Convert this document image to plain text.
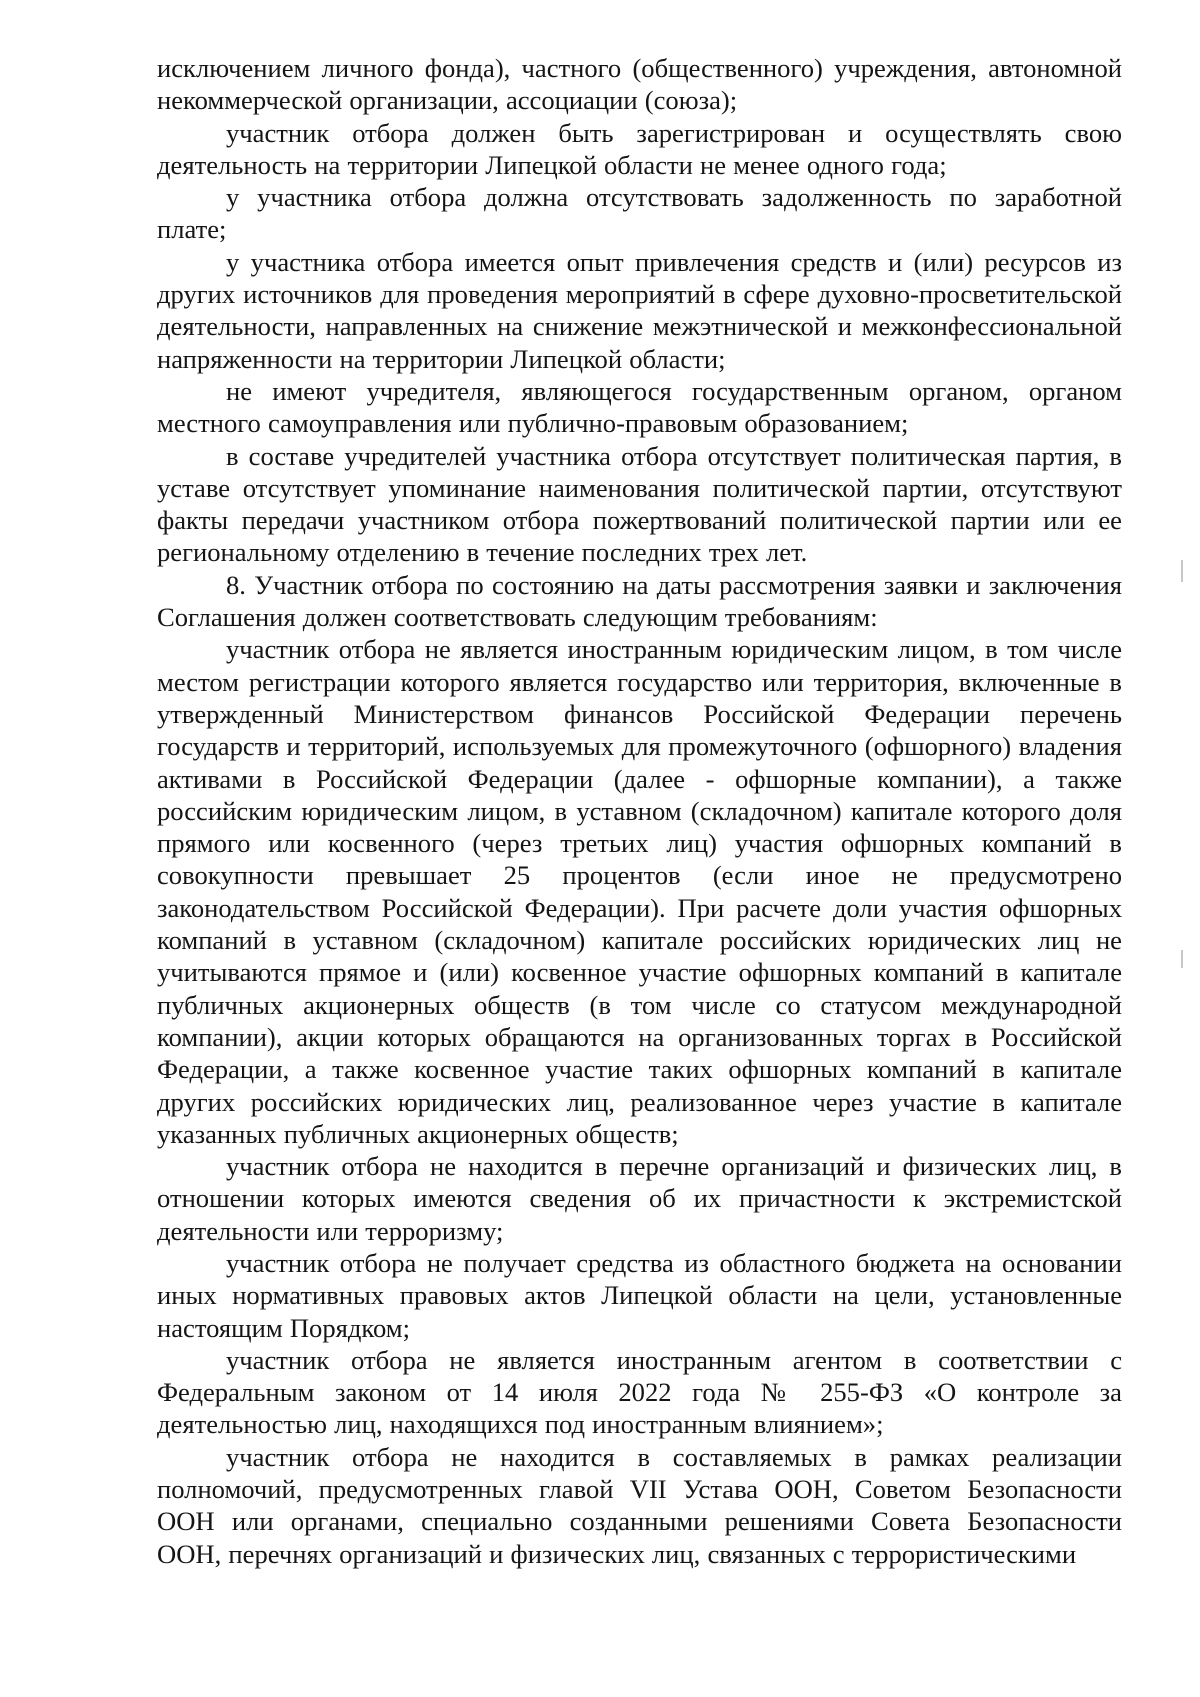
исключением личного фонда), частного (общественного) учреждения, автономной некоммерческой организации, ассоциации (союза);

участник отбора должен быть зарегистрирован и осуществлять свою деятельность на территории Липецкой области не менее одного года;

у участника отбора должна отсутствовать задолженность по заработной плате;

у участника отбора имеется опыт привлечения средств и (или) ресурсов из других источников для проведения мероприятий в сфере духовно-просветительской деятельности, направленных на снижение межэтнической и межконфессиональной напряженности на территории Липецкой области;

не имеют учредителя, являющегося государственным органом, органом местного самоуправления или публично-правовым образованием;

в составе учредителей участника отбора отсутствует политическая партия, в уставе отсутствует упоминание наименования политической партии, отсутствуют факты передачи участником отбора пожертвований политической партии или ее региональному отделению в течение последних трех лет.

8. Участник отбора по состоянию на даты рассмотрения заявки и заключения Соглашения должен соответствовать следующим требованиям:

участник отбора не является иностранным юридическим лицом, в том числе местом регистрации которого является государство или территория, включенные в утвержденный Министерством финансов Российской Федерации перечень государств и территорий, используемых для промежуточного (офшорного) владения активами в Российской Федерации (далее - офшорные компании), а также российским юридическим лицом, в уставном (складочном) капитале которого доля прямого или косвенного (через третьих лиц) участия офшорных компаний в совокупности превышает 25 процентов (если иное не предусмотрено законодательством Российской Федерации). При расчете доли участия офшорных компаний в уставном (складочном) капитале российских юридических лиц не учитываются прямое и (или) косвенное участие офшорных компаний в капитале публичных акционерных обществ (в том числе со статусом международной компании), акции которых обращаются на организованных торгах в Российской Федерации, а также косвенное участие таких офшорных компаний в капитале других российских юридических лиц, реализованное через участие в капитале указанных публичных акционерных обществ;

участник отбора не находится в перечне организаций и физических лиц, в отношении которых имеются сведения об их причастности к экстремистской деятельности или терроризму;

участник отбора не получает средства из областного бюджета на основании иных нормативных правовых актов Липецкой области на цели, установленные настоящим Порядком;

участник отбора не является иностранным агентом в соответствии с Федеральным законом от 14 июля 2022 года № 255-ФЗ «О контроле за деятельностью лиц, находящихся под иностранным влиянием»;

участник отбора не находится в составляемых в рамках реализации полномочий, предусмотренных главой VII Устава ООН, Советом Безопасности ООН или органами, специально созданными решениями Совета Безопасности ООН, перечнях организаций и физических лиц, связанных с террористическими
